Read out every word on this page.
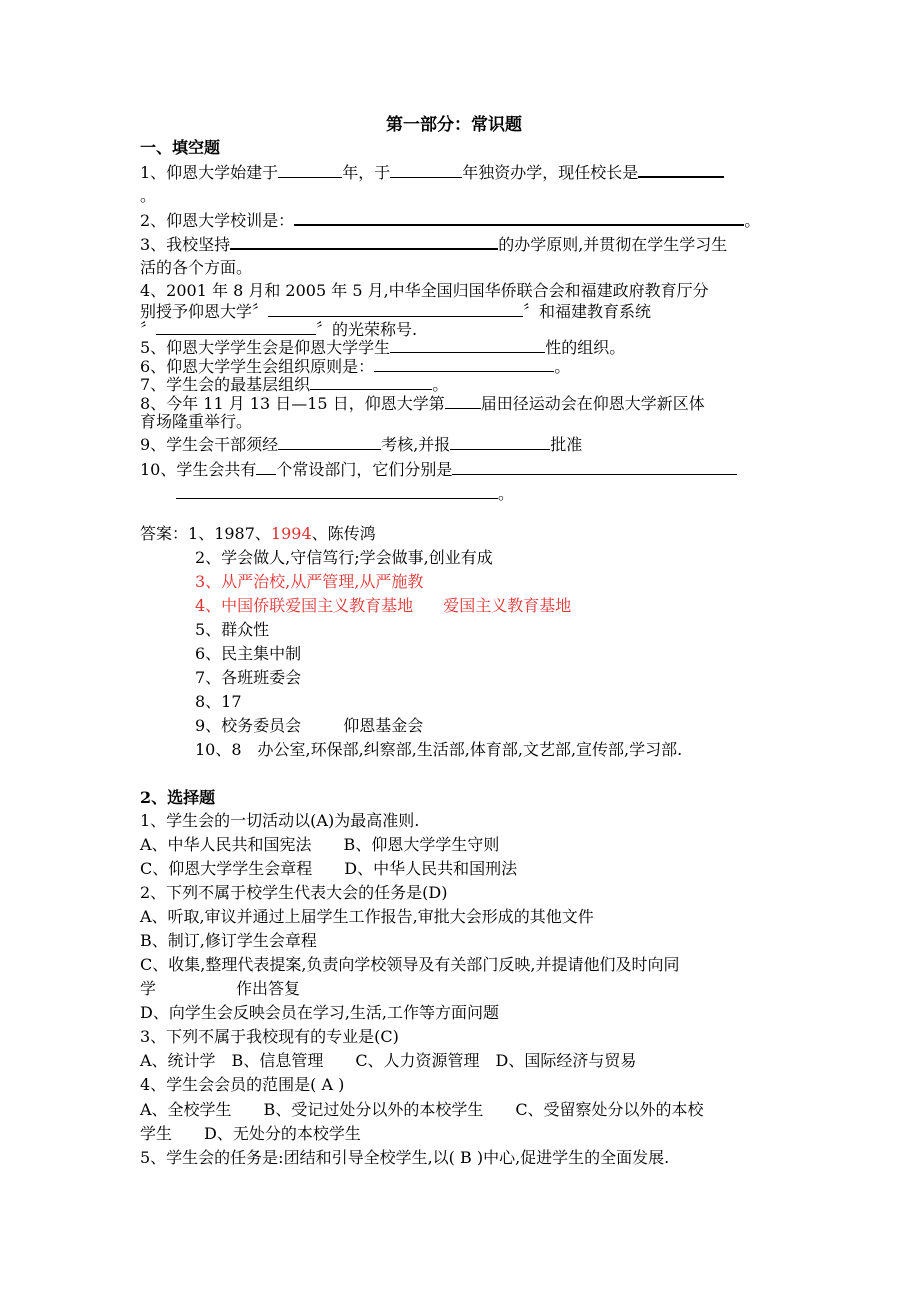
第一部分：常识题
一、填空题
1、仰恩大学始建于	年，于	年独资办学，现任校长是
。
2、仰恩大学校训是：	。
3、我校坚持	的办学原则,并贯彻在学生学习生
活的各个方面。
4、2001 年 8 月和 2005 年 5 月,中华全国归国华侨联合会和福建政府教育厅分
别授予仰恩大学〞	〞和福建教育系统
〞	〞的光荣称号.
5、仰恩大学学生会是仰恩大学学生	性的组织。
6、仰恩大学学生会组织原则是：	。
7、学生会的最基层组织	。
8、今年 11 月 13 日—15 日，仰恩大学第 届田径运动会在仰恩大学新区体
育场隆重举行。
9、学生会干部须经	考核,并报	批准
10、学生会共有 个常设部门，它们分别是
。
答案：1、1987、1994、陈传鸿
2、学会做人,守信笃行;学会做事,创业有成
3、从严治校,从严管理,从严施教
4、中国侨联爱国主义教育基地 爱国主义教育基地
5、群众性
6、民主集中制
7、各班班委会
8、17
9、校务委员会	仰恩基金会
10、8　办公室,环保部,纠察部,生活部,体育部,文艺部,宣传部,学习部.
2、选择题
1、学生会的一切活动以(A)为最高准则.
A、中华人民共和国宪法　　B、仰恩大学学生守则
C、仰恩大学学生会章程　　D、中华人民共和国刑法
2、下列不属于校学生代表大会的任务是(D)
A、听取,审议并通过上届学生工作报告,审批大会形成的其他文件
B、制订,修订学生会章程
C、收集,整理代表提案,负责向学校领导及有关部门反映,并提请他们及时向同
学　　　　　作出答复
D、向学生会反映会员在学习,生活,工作等方面问题
3、下列不属于我校现有的专业是(C)
A、统计学　B、信息管理　　C、人力资源管理　D、国际经济与贸易
4、学生会会员的范围是( A )
A、全校学生　　B、受记过处分以外的本校学生　　C、受留察处分以外的本校
学生　　D、无处分的本校学生
5、学生会的任务是:团结和引导全校学生,以( B )中心,促进学生的全面发展.
